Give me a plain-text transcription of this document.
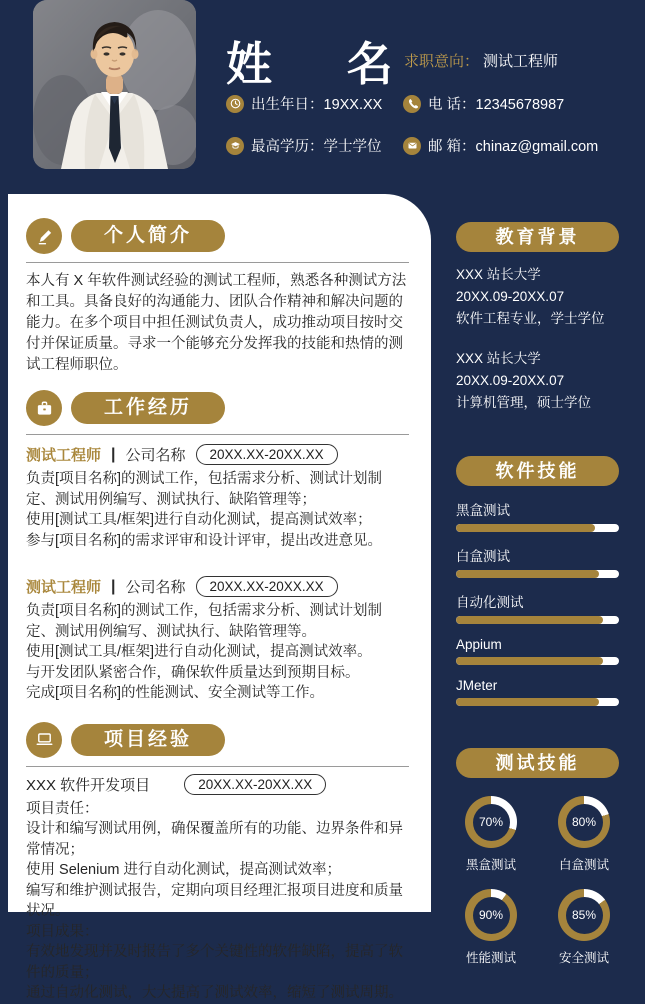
姓 名 求职意向： 测试工程师
出生年日：19XX.XX	电 话：12345678987
最高学历：学士学位	邮 箱：chinaz@gmail.com
个人简介
本人有 X 年软件测试经验的测试工程师，熟悉各种测试方法和工具。具备良好的沟通能力、团队合作精神和解决问题的能力。在多个项目中担任测试负责人，成功推动项目按时交付并保证质量。寻求一个能够充分发挥我的技能和热情的测试工程师职位。
工作经历
测试工程师 | 公司名称	20XX.XX-20XX.XX
负责[项目名称]的测试工作，包括需求分析、测试计划制定、测试用例编写、测试执行、缺陷管理等；
使用[测试工具/框架]进行自动化测试，提高测试效率；
参与[项目名称]的需求评审和设计评审，提出改进意见。
测试工程师 | 公司名称	20XX.XX-20XX.XX
负责[项目名称]的测试工作，包括需求分析、测试计划制定、测试用例编写、测试执行、缺陷管理等。
使用[测试工具/框架]进行自动化测试，提高测试效率。
与开发团队紧密合作，确保软件质量达到预期目标。
完成[项目名称]的性能测试、安全测试等工作。
项目经验
XXX 软件开发项目	20XX.XX-20XX.XX
项目责任：
设计和编写测试用例，确保覆盖所有的功能、边界条件和异常情况；
使用 Selenium 进行自动化测试，提高测试效率；
编写和维护测试报告，定期向项目经理汇报项目进度和质量状况。
项目成果：
有效地发现并及时报告了多个关键性的软件缺陷，提高了软件的质量；
通过自动化测试，大大提高了测试效率，缩短了测试周期。
教育背景
XXX 站长大学
20XX.09-20XX.07
软件工程专业，学士学位
XXX 站长大学
20XX.09-20XX.07
计算机管理，硕士学位
软件技能
黑盒测试
白盒测试
自动化测试
Appium
JMeter
测试技能
70%
黑盒测试
80%
白盒测试
90%
性能测试
85%
安全测试
